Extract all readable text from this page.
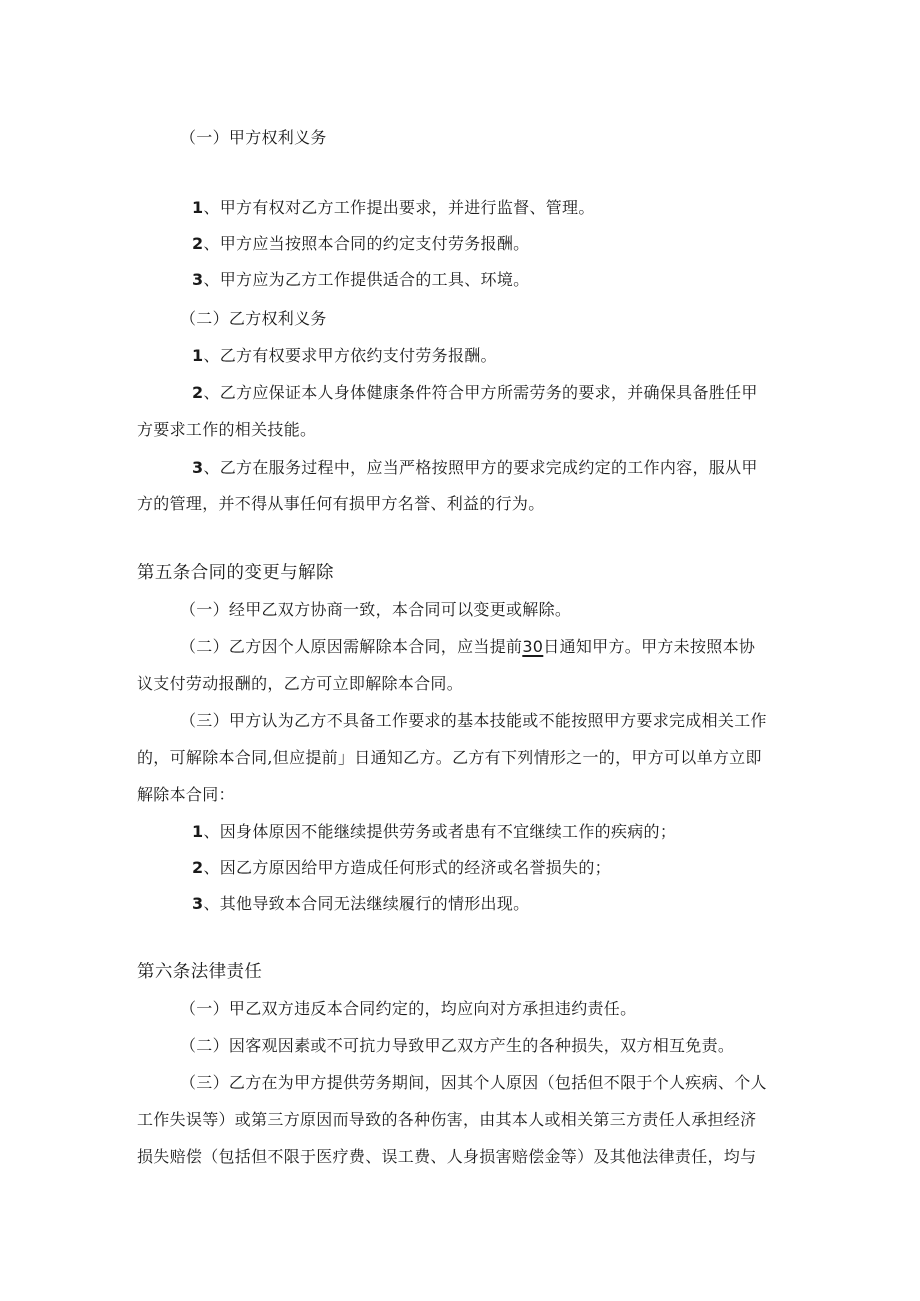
（一）甲方权利义务
1、甲方有权对乙方工作提出要求，并进行监督、管理。
2、甲方应当按照本合同的约定支付劳务报酬。
3、甲方应为乙方工作提供适合的工具、环境。
（二）乙方权利义务
1、乙方有权要求甲方依约支付劳务报酬。
2、乙方应保证本人身体健康条件符合甲方所需劳务的要求，并确保具备胜任甲
方要求工作的相关技能。
3、乙方在服务过程中，应当严格按照甲方的要求完成约定的工作内容，服从甲
方的管理，并不得从事任何有损甲方名誉、利益的行为。
第五条合同的变更与解除
（一）经甲乙双方协商一致，本合同可以变更或解除。
（二）乙方因个人原因需解除本合同，应当提前30日通知甲方。甲方未按照本协
议支付劳动报酬的，乙方可立即解除本合同。
（三）甲方认为乙方不具备工作要求的基本技能或不能按照甲方要求完成相关工作
的，可解除本合同,但应提前」日通知乙方。乙方有下列情形之一的，甲方可以单方立即
解除本合同：
1、因身体原因不能继续提供劳务或者患有不宜继续工作的疾病的；
2、因乙方原因给甲方造成任何形式的经济或名誉损失的；
3、其他导致本合同无法继续履行的情形出现。
第六条法律责任
（一）甲乙双方违反本合同约定的，均应向对方承担违约责任。
（二）因客观因素或不可抗力导致甲乙双方产生的各种损失，双方相互免责。
（三）乙方在为甲方提供劳务期间，因其个人原因（包括但不限于个人疾病、个人
工作失误等）或第三方原因而导致的各种伤害，由其本人或相关第三方责任人承担经济
损失赔偿（包括但不限于医疗费、误工费、人身损害赔偿金等）及其他法律责任，均与
